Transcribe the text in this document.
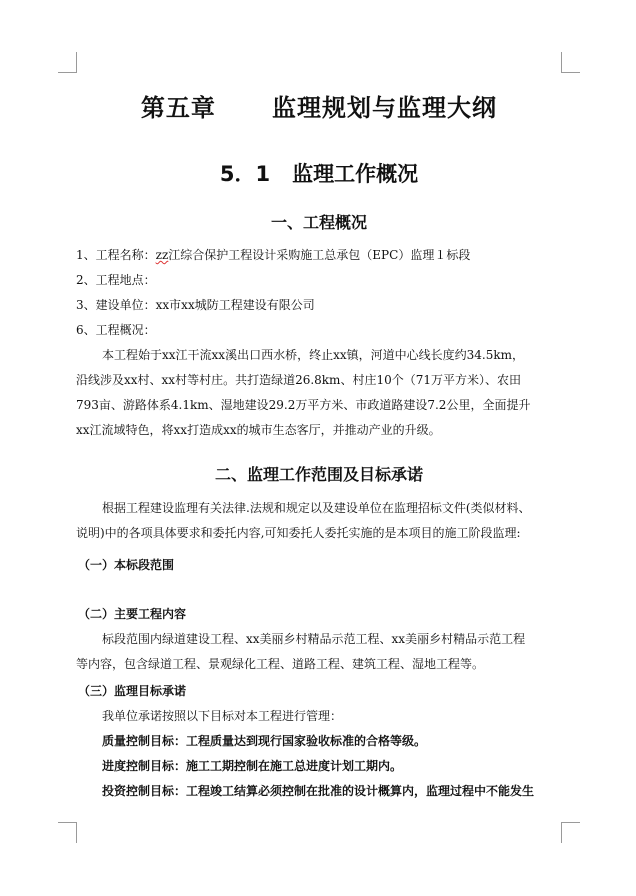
第五章      监理规划与监理大纲
5．1   监理工作概况
一、工程概况
1、工程名称：zz江综合保护工程设计采购施工总承包（EPC）监理１标段
2、工程地点：
3、建设单位：xx市xx城防工程建设有限公司
6、工程概况：
本工程始于xx江干流xx溪出口西水桥，终止xx镇，河道中心线长度约34.5km，
沿线涉及xx村、xx村等村庄。共打造绿道26.8km、村庄10个（71万平方米）、农田
793亩、游路体系4.1km、湿地建设29.2万平方米、市政道路建设7.2公里，全面提升
xx江流域特色，将xx打造成xx的城市生态客厅，并推动产业的升级。
二、监理工作范围及目标承诺
根据工程建设监理有关法律.法规和规定以及建设单位在监理招标文件(类似材料、
说明)中的各项具体要求和委托内容,可知委托人委托实施的是本项目的施工阶段监理:
（一）本标段范围
（二）主要工程内容
标段范围内绿道建设工程、xx美丽乡村精品示范工程、xx美丽乡村精品示范工程
等内容，包含绿道工程、景观绿化工程、道路工程、建筑工程、湿地工程等。
（三）监理目标承诺
我单位承诺按照以下目标对本工程进行管理：
质量控制目标：工程质量达到现行国家验收标准的合格等级。
进度控制目标：施工工期控制在施工总进度计划工期内。
投资控制目标：工程竣工结算必须控制在批准的设计概算内，监理过程中不能发生
